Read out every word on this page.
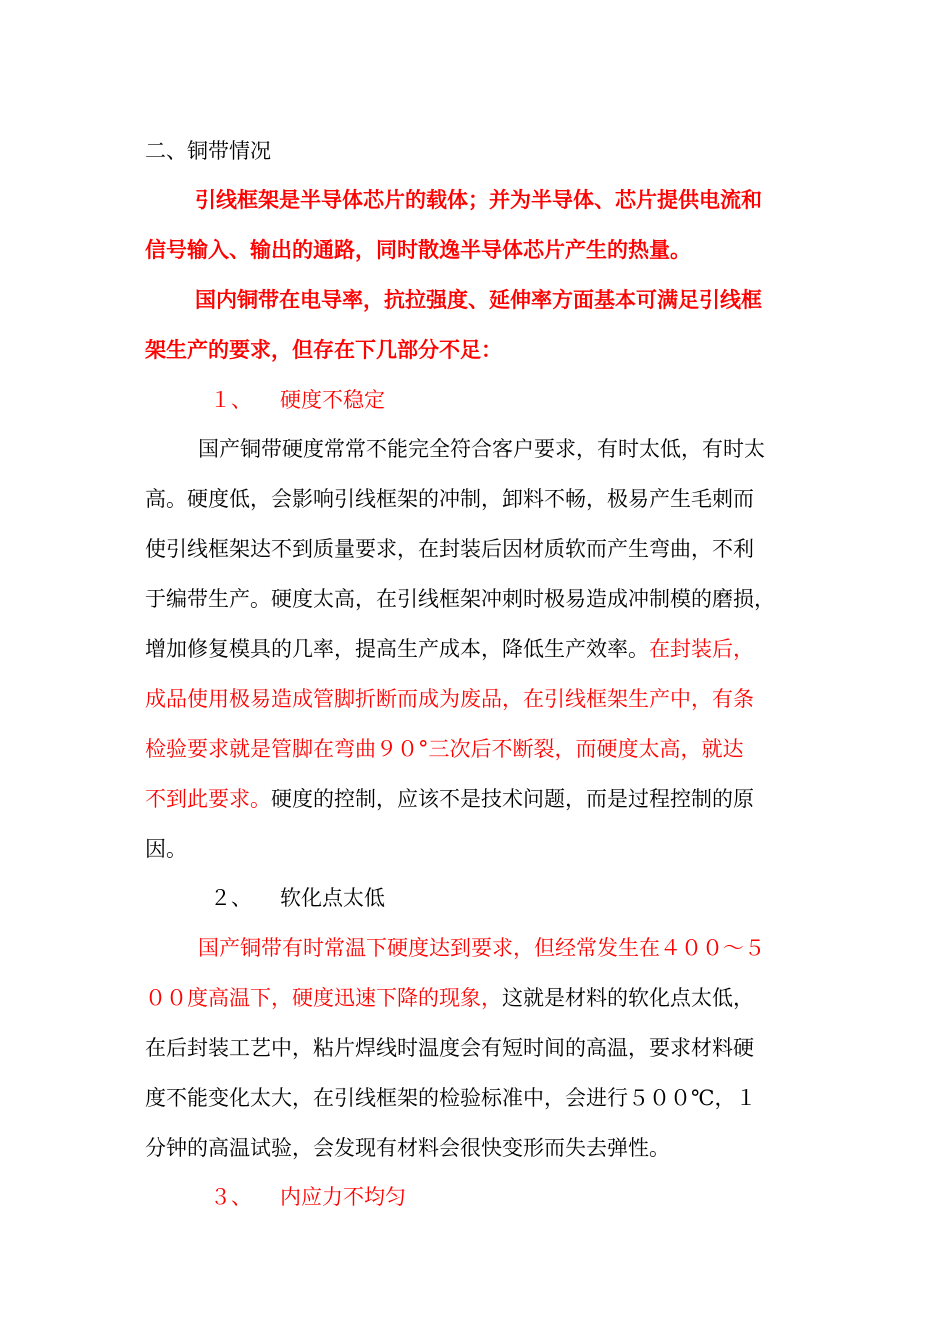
二、铜带情况
引线框架是半导体芯片的载体；并为半导体、芯片提供电流和
信号输入、输出的通路，同时散逸半导体芯片产生的热量。
国内铜带在电导率，抗拉强度、延伸率方面基本可满足引线框
架生产的要求，但存在下几部分不足：
１、 硬度不稳定
国产铜带硬度常常不能完全符合客户要求，有时太低，有时太
高。硬度低，会影响引线框架的冲制，卸料不畅，极易产生毛刺而
使引线框架达不到质量要求，在封装后因材质软而产生弯曲，不利
于编带生产。硬度太高，在引线框架冲刺时极易造成冲制模的磨损，
增加修复模具的几率，提高生产成本，降低生产效率。在封装后，
成品使用极易造成管脚折断而成为废品，在引线框架生产中，有条
检验要求就是管脚在弯曲９０°三次后不断裂，而硬度太高，就达
不到此要求。硬度的控制，应该不是技术问题，而是过程控制的原
因。
２、 软化点太低
国产铜带有时常温下硬度达到要求，但经常发生在４００～５
００度高温下，硬度迅速下降的现象，这就是材料的软化点太低，
在后封装工艺中，粘片焊线时温度会有短时间的高温，要求材料硬
度不能变化太大，在引线框架的检验标准中，会进行５００℃，１
分钟的高温试验，会发现有材料会很快变形而失去弹性。
３、 内应力不均匀
